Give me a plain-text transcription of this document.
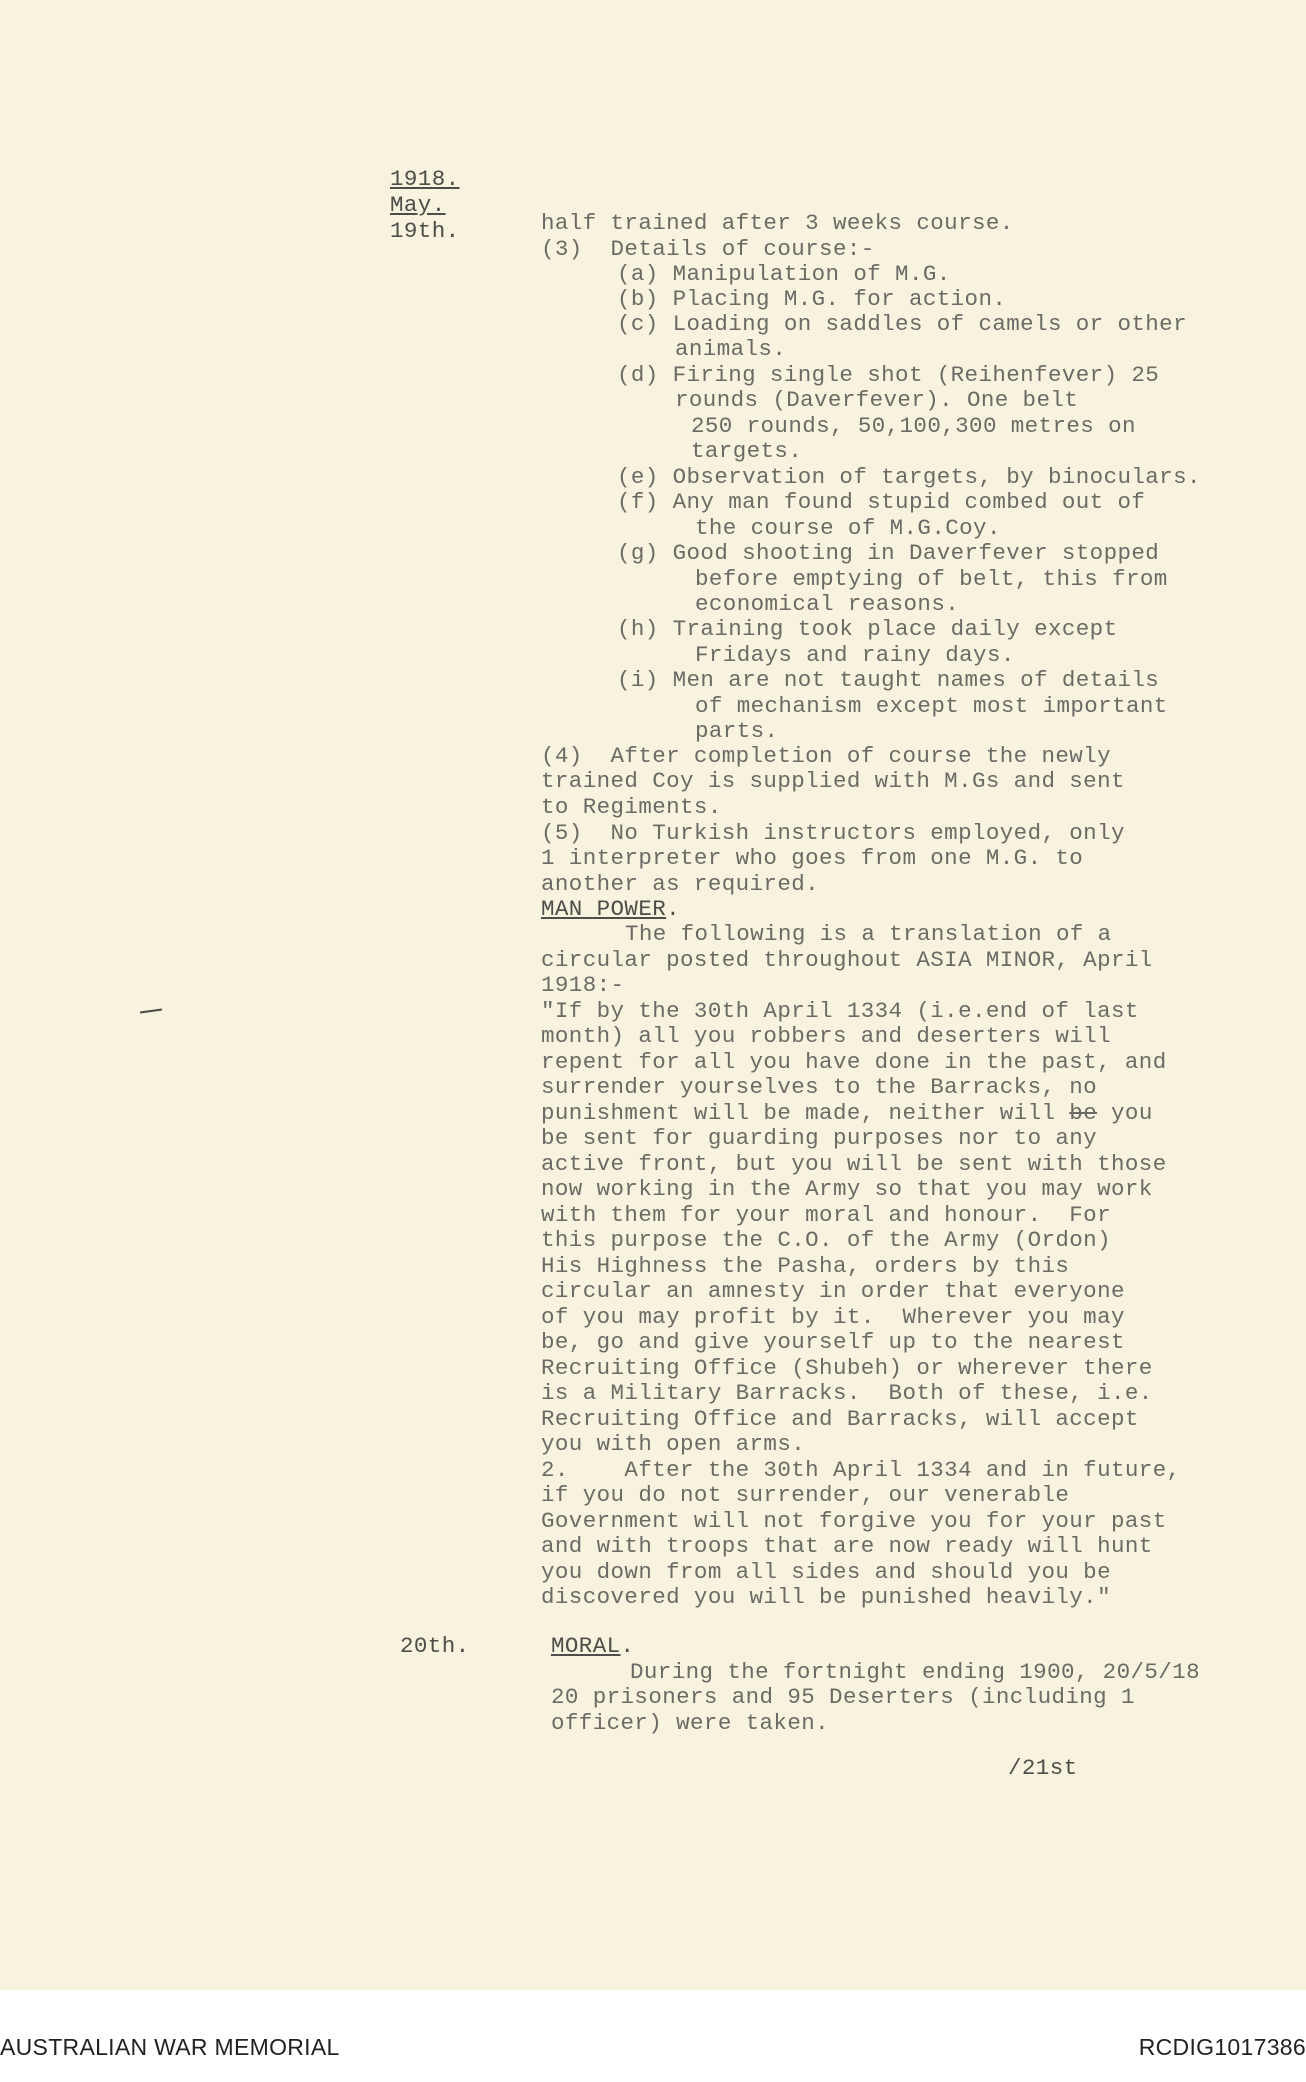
1918.

May.

19th.	half trained after 3 weeks course.

(3)  Details of course:-

(a) Manipulation of M.G.

(b) Placing M.G. for action.

(c) Loading on saddles of camels or other

animals.

(d) Firing single shot (Reihenfever) 25

rounds (Daverfever). One belt

250 rounds, 50,100,300 metres on

targets.

(e) Observation of targets, by binoculars.

(f) Any man found stupid combed out of

the course of M.G.Coy.

(g) Good shooting in Daverfever stopped

before emptying of belt, this from

economical reasons.

(h) Training took place daily except

Fridays and rainy days.

(i) Men are not taught names of details

of mechanism except most important

parts.

(4)  After completion of course the newly

trained Coy is supplied with M.Gs and sent

to Regiments.

(5)  No Turkish instructors employed, only

1 interpreter who goes from one M.G. to

another as required.

MAN POWER.

The following is a translation of a

circular posted throughout ASIA MINOR, April

1918:-

"If by the 30th April 1334 (i.e.end of last

month) all you robbers and deserters will

repent for all you have done in the past, and

surrender yourselves to the Barracks, no

punishment will be made, neither will be you

be sent for guarding purposes nor to any

active front, but you will be sent with those

now working in the Army so that you may work

with them for your moral and honour.  For

this purpose the C.O. of the Army (Ordon)

His Highness the Pasha, orders by this

circular an amnesty in order that everyone

of you may profit by it.  Wherever you may

be, go and give yourself up to the nearest

Recruiting Office (Shubeh) or wherever there

is a Military Barracks.  Both of these, i.e.

Recruiting Office and Barracks, will accept

you with open arms.

2.    After the 30th April 1334 and in future,

if you do not surrender, our venerable

Government will not forgive you for your past

and with troops that are now ready will hunt

you down from all sides and should you be

discovered you will be punished heavily."

20th.	MORAL.

During the fortnight ending 1900, 20/5/18

20 prisoners and 95 Deserters (including 1

officer) were taken.

/21st

AUSTRALIAN WAR MEMORIAL	RCDIG1017386
